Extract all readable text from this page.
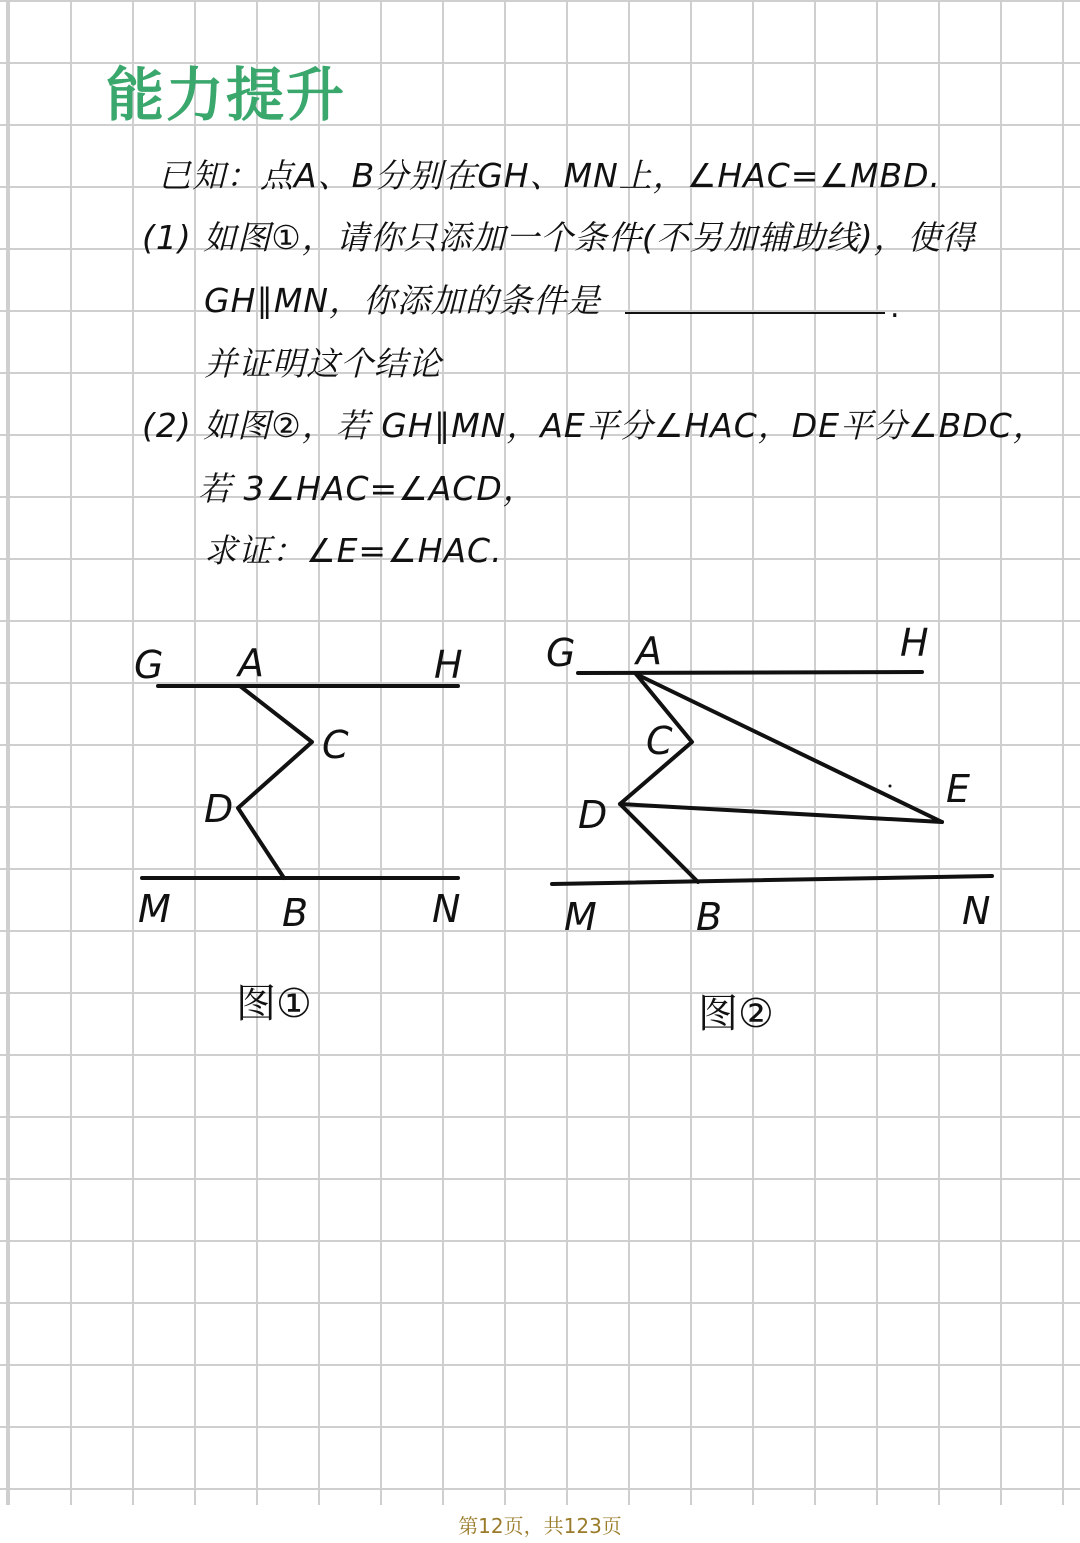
能力提升
已知：点A、B分别在GH、MN上，∠HAC=∠MBD.
(1) 如图①，请你只添加一个条件(不另加辅助线)，使得
GH∥MN，你添加的条件是	.
并证明这个结论
(2) 如图②，若 GH∥MN，AE平分∠HAC，DE平分∠BDC，
若 3∠HAC=∠ACD，
求证：∠E=∠HAC.
G A	H
C
D
M	B	N
G A	H
C
D
E
M	B	N
图①	图②
第12页，共123页
